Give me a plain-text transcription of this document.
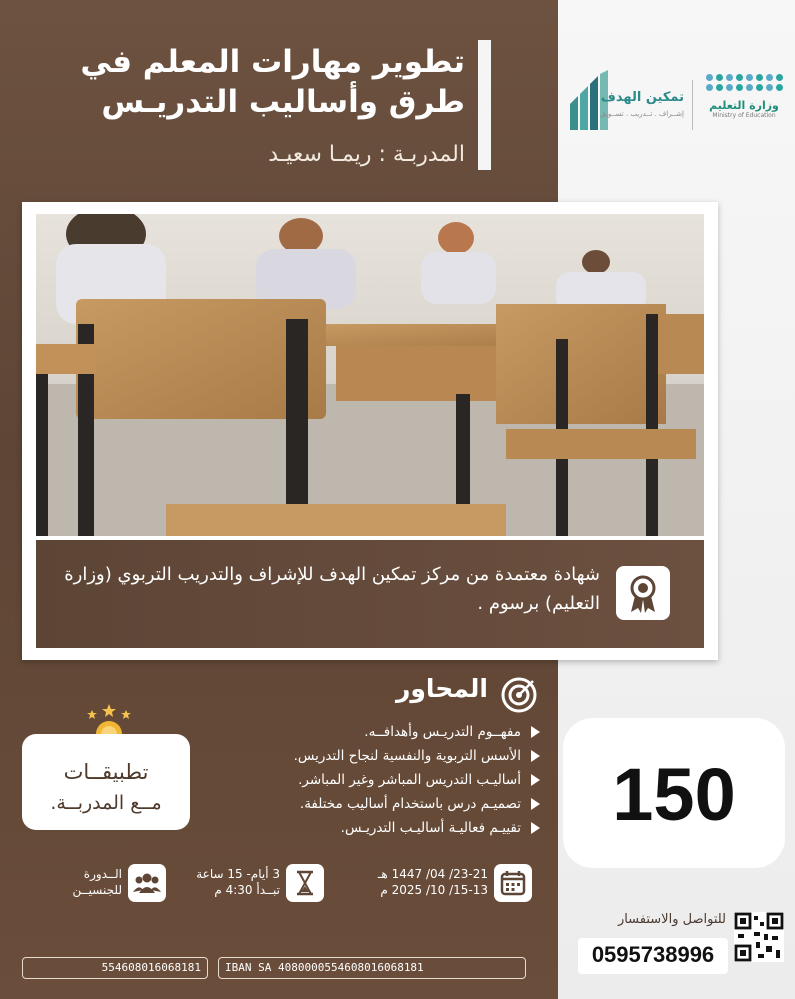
وزارة التعليم
Ministry of Education
تمكين الهدف
إشــراف . تــدريب . تســويق
تطوير مهارات المعلم في
طرق وأساليب التدريـس
المدربـة : ريمـا سعيـد
شهادة معتمدة من مركز تمكين الهدف للإشراف والتدريب التربوي (وزارة التعليم) برسوم .
المحاور
مفهــوم التدريـس وأهدافــه.
الأسس التربوية والنفسية لنجاح التدريس.
أساليـب التدريس المباشر وغير المباشر.
تصميـم درس باستخدام أساليب مختلفة.
تقييـم فعاليـة أساليـب التدريـس.
تطبيقــات
مــع المدربــة.	150
23-21/ 04/ 1447 هـ
15-13/ 10/ 2025 م
3 أيام- 15 ساعة
تبــدأ 4:30 م
الــدورة
للجنسيــن
للتواصل والاستفسار
0595738996
IBAN SA 4080000554608016068181
554608016068181
